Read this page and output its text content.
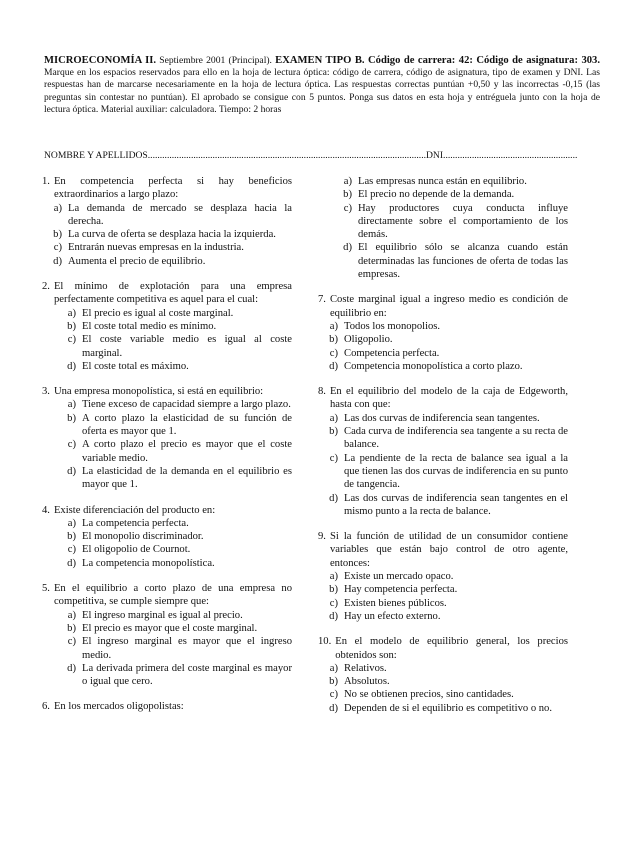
MICROECONOMÍA II. Septiembre 2001 (Principal). EXAMEN TIPO B. Código de carrera: 42: Código de asignatura: 303. Marque en los espacios reservados para ello en la hoja de lectura óptica: código de carrera, código de asignatura, tipo de examen y DNI. Las respuestas han de marcarse necesariamente en la hoja de lectura óptica. Las respuestas correctas puntúan +0,50 y las incorrectas -0,15 (las preguntas sin contestar no puntúan). El aprobado se consigue con 5 puntos. Ponga sus datos en esta hoja y entréguela junto con la hoja de lectura óptica. Material auxiliar: calculadora. Tiempo: 2 horas
NOMBRE Y APELLIDOS....................................................................................................................DNI........................................................
1. En competencia perfecta si hay beneficios extraordinarios a largo plazo:
a) La demanda de mercado se desplaza hacia la derecha.
b) La curva de oferta se desplaza hacia la izquierda.
c) Entrarán nuevas empresas en la industria.
d) Aumenta el precio de equilibrio.
2. El mínimo de explotación para una empresa perfectamente competitiva es aquel para el cual:
a) El precio es igual al coste marginal.
b) El coste total medio es mínimo.
c) El coste variable medio es igual al coste marginal.
d) El coste total es máximo.
3. Una empresa monopolística, si está en equilibrio:
a) Tiene exceso de capacidad siempre a largo plazo.
b) A corto plazo la elasticidad de su función de oferta es mayor que 1.
c) A corto plazo el precio es mayor que el coste variable medio.
d) La elasticidad de la demanda en el equilibrio es mayor que 1.
4. Existe diferenciación del producto en:
a) La competencia perfecta.
b) El monopolio discriminador.
c) El oligopolio de Cournot.
d) La competencia monopolística.
5. En el equilibrio a corto plazo de una empresa no competitiva, se cumple siempre que:
a) El ingreso marginal es igual al precio.
b) El precio es mayor que el coste marginal.
c) El ingreso marginal es mayor que el ingreso medio.
d) La derivada primera del coste marginal es mayor o igual que cero.
6. En los mercados oligopolistas:
a) Las empresas nunca están en equilibrio.
b) El precio no depende de la demanda.
c) Hay productores cuya conducta influye directamente sobre el comportamiento de los demás.
d) El equilibrio sólo se alcanza cuando están determinadas las funciones de oferta de todas las empresas.
7. Coste marginal igual a ingreso medio es condición de equilibrio en:
a) Todos los monopolios.
b) Oligopolio.
c) Competencia perfecta.
d) Competencia monopolística a corto plazo.
8. En el equilibrio del modelo de la caja de Edgeworth, hasta con que:
a) Las dos curvas de indiferencia sean tangentes.
b) Cada curva de indiferencia sea tangente a su recta de balance.
c) La pendiente de la recta de balance sea igual a la que tienen las dos curvas de indiferencia en su punto de tangencia.
d) Las dos curvas de indiferencia sean tangentes en el mismo punto a la recta de balance.
9. Si la función de utilidad de un consumidor contiene variables que están bajo control de otro agente, entonces:
a) Existe un mercado opaco.
b) Hay competencia perfecta.
c) Existen bienes públicos.
d) Hay un efecto externo.
10. En el modelo de equilibrio general, los precios obtenidos son:
a) Relativos.
b) Absolutos.
c) No se obtienen precios, sino cantidades.
d) Dependen de si el equilibrio es competitivo o no.
